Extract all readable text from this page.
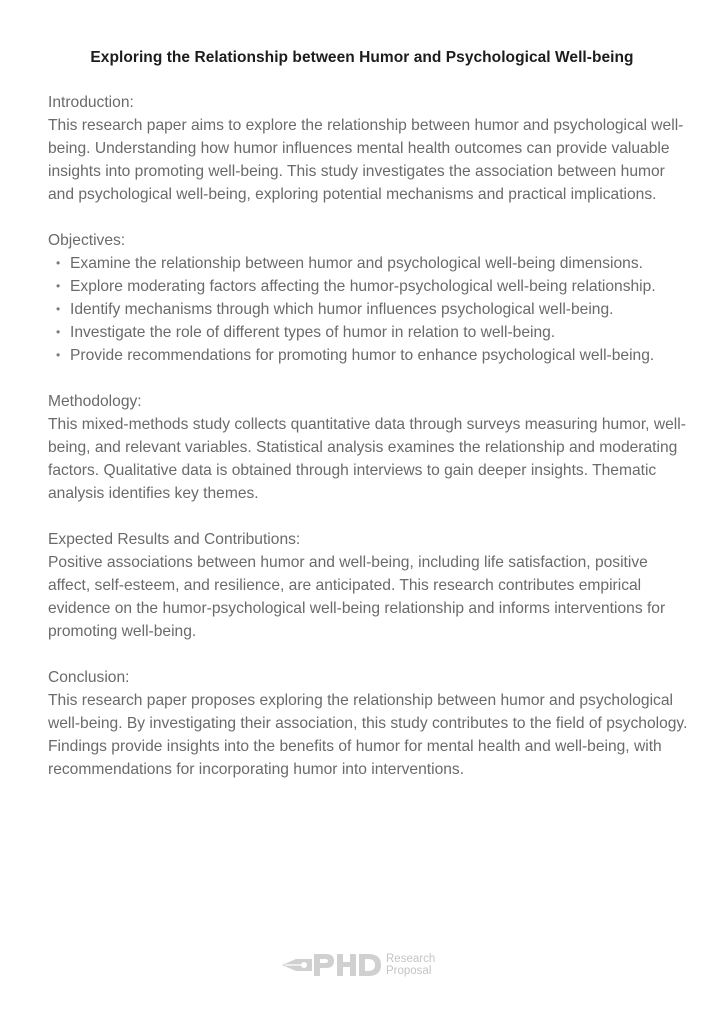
Exploring the Relationship between Humor and Psychological Well-being

Introduction:

This research paper aims to explore the relationship between humor and psychological well-being. Understanding how humor influences mental health outcomes can provide valuable insights into promoting well-being. This study investigates the association between humor and psychological well-being, exploring potential mechanisms and practical implications.

Objectives:

• Examine the relationship between humor and psychological well-being dimensions.
• Explore moderating factors affecting the humor-psychological well-being relationship.
• Identify mechanisms through which humor influences psychological well-being.
• Investigate the role of different types of humor in relation to well-being.
• Provide recommendations for promoting humor to enhance psychological well-being.

Methodology:

This mixed-methods study collects quantitative data through surveys measuring humor, well-being, and relevant variables. Statistical analysis examines the relationship and moderating factors. Qualitative data is obtained through interviews to gain deeper insights. Thematic analysis identifies key themes.

Expected Results and Contributions:

Positive associations between humor and well-being, including life satisfaction, positive affect, self-esteem, and resilience, are anticipated. This research contributes empirical evidence on the humor-psychological well-being relationship and informs interventions for promoting well-being.

Conclusion:

This research paper proposes exploring the relationship between humor and psychological well-being. By investigating their association, this study contributes to the field of psychology. Findings provide insights into the benefits of humor for mental health and well-being, with recommendations for incorporating humor into interventions.

Research
Proposal
